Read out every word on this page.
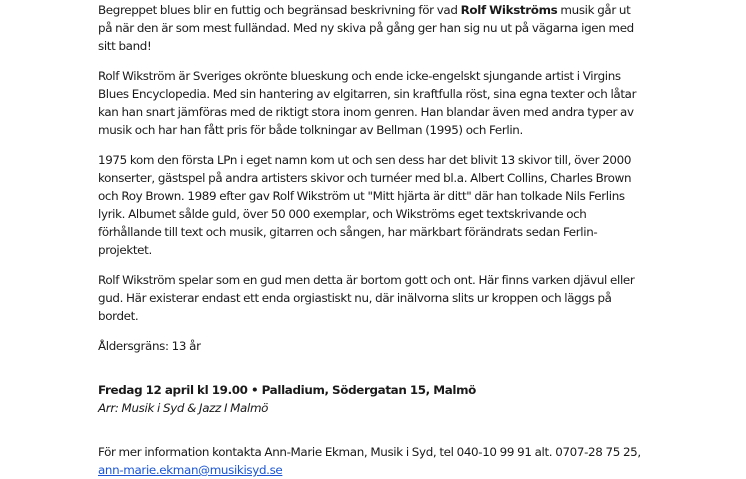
Begreppet blues blir en futtig och begränsad beskrivning för vad Rolf Wikströms musik går ut på när den är som mest fulländad. Med ny skiva på gång ger han sig nu ut på vägarna igen med sitt band!

Rolf Wikström är Sveriges okrönte blueskung och ende icke-engelskt sjungande artist i Virgins Blues Encyclopedia. Med sin hantering av elgitarren, sin kraftfulla röst, sina egna texter och låtar kan han snart jämföras med de riktigt stora inom genren. Han blandar även med andra typer av musik och har han fått pris för både tolkningar av Bellman (1995) och Ferlin.

1975 kom den första LPn i eget namn kom ut och sen dess har det blivit 13 skivor till, över 2000 konserter, gästspel på andra artisters skivor och turnéer med bl.a. Albert Collins, Charles Brown och Roy Brown. 1989 efter gav Rolf Wikström ut "Mitt hjärta är ditt" där han tolkade Nils Ferlins lyrik. Albumet sålde guld, över 50 000 exemplar, och Wikströms eget textskrivande och förhållande till text och musik, gitarren och sången, har märkbart förändrats sedan Ferlin-projektet.

Rolf Wikström spelar som en gud men detta är bortom gott och ont. Här finns varken djävul eller gud. Här existerar endast ett enda orgiastiskt nu, där inälvorna slits ur kroppen och läggs på bordet.

Åldersgräns: 13 år

Fredag 12 april kl 19.00 • Palladium, Södergatan 15, Malmö

Arr: Musik i Syd & Jazz I Malmö

För mer information kontakta Ann-Marie Ekman, Musik i Syd, tel 040-10 99 91 alt. 0707-28 75 25, ann-marie.ekman@musikisyd.se
